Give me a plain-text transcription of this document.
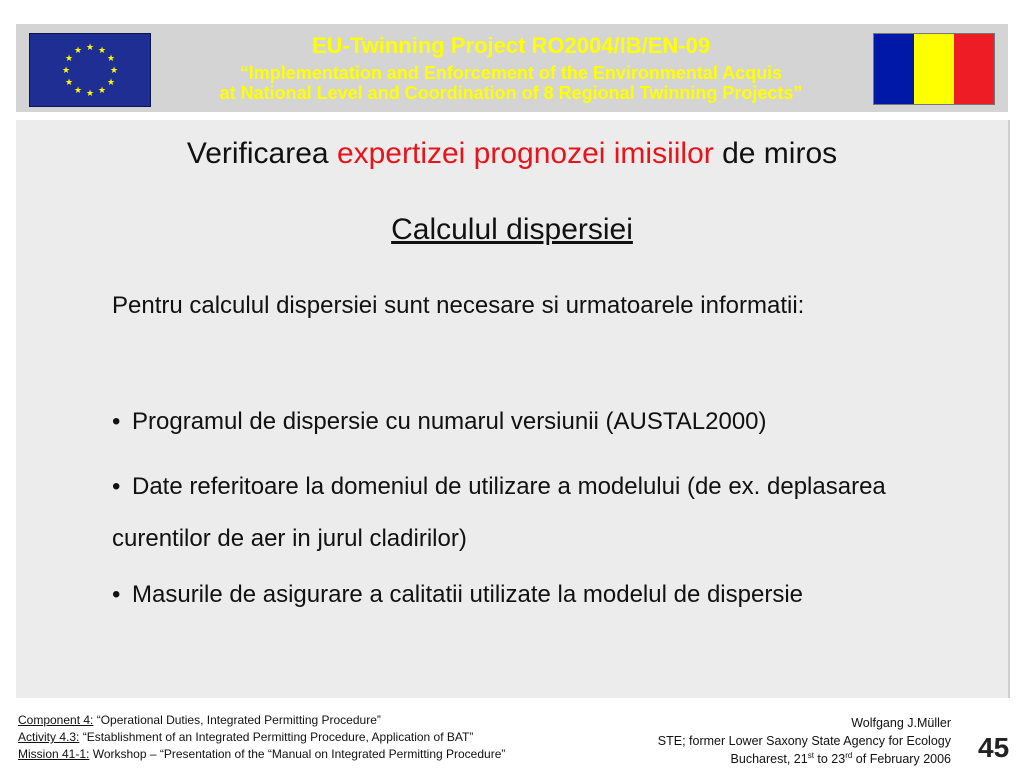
★ ★
★
★
★
★
★
★
★
★
★
★	EU-Twinning Project RO2004/IB/EN-09
“Implementation and Enforcement of the Environmental Acquis
at National Level and Coordination of 8 Regional Twinning Projects”
Verificarea expertizei prognozei imisiilor de miros
Calculul dispersiei
Pentru calculul dispersiei sunt necesare si urmatoarele informatii:
• Programul de dispersie cu numarul versiunii (AUSTAL2000)
• Date referitoare la domeniul de utilizare a modelului (de ex. deplasarea curentilor de aer in jurul cladirilor)
• Masurile de asigurare a calitatii utilizate la modelul de dispersie
Component 4: “Operational Duties, Integrated Permitting Procedure”
Activity 4.3: “Establishment of an Integrated Permitting Procedure, Application of BAT”
Mission 41-1: Workshop – “Presentation of the “Manual on Integrated Permitting Procedure”
Wolfgang J.Müller
STE; former Lower Saxony State Agency for Ecology
Bucharest, 21st to 23rd of February 2006 45
